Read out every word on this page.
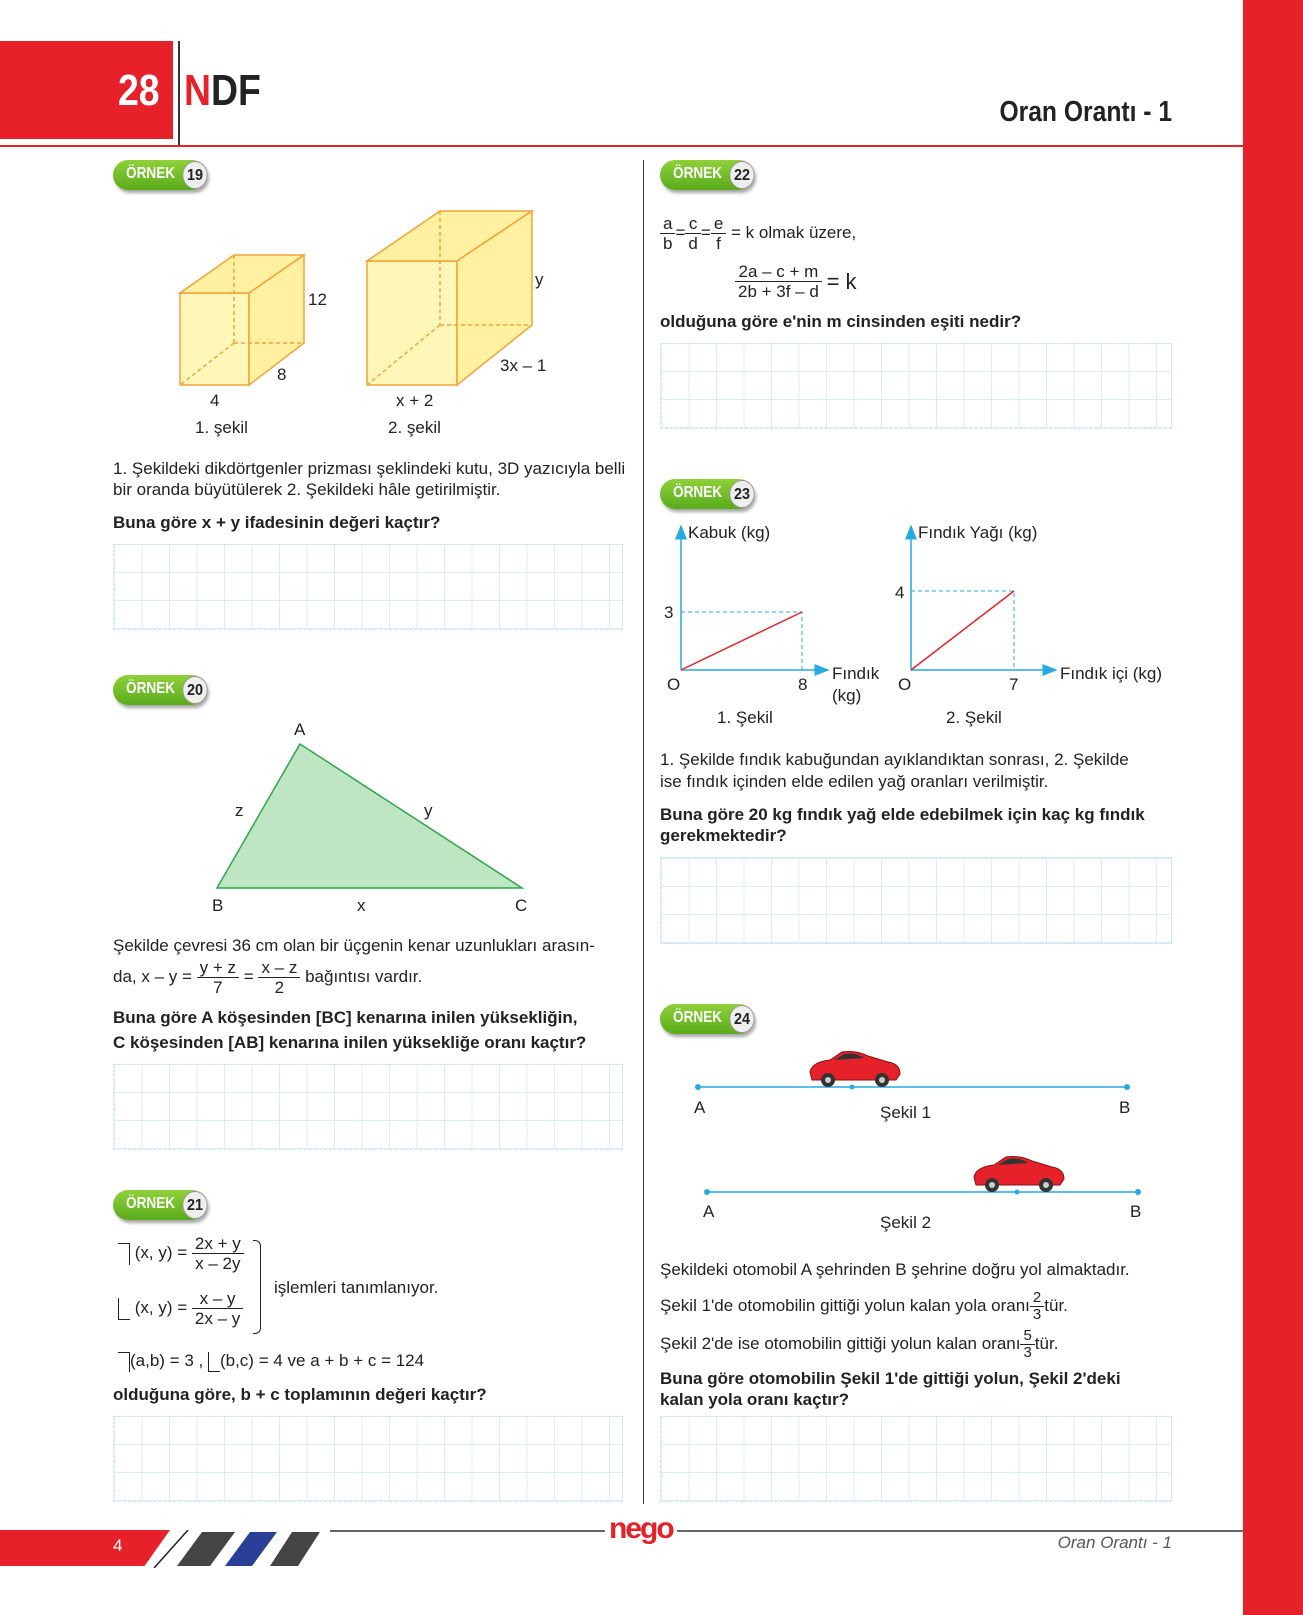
28 NDF	Oran Orantı - 1
ÖRNEK 19
12
8
4
1. şekil
y
3x – 1
x + 2
2. şekil
1. Şekildeki dikdörtgenler prizması şeklindeki kutu, 3D yazıcıyla belli bir oranda büyütülerek 2. Şekildeki hâle getirilmiştir.
Buna göre x + y ifadesinin değeri kaçtır?
ÖRNEK 20
A
B	C
z	y
x
Şekilde çevresi 36 cm olan bir üçgenin kenar uzunlukları arasın-
da, $x - y = \frac{y + z}{7} = \frac{x - z}{2}$ bağıntısı vardır.
Buna göre A köşesinden [BC] kenarına inilen yüksekliğin,
C köşesinden [AB] kenarına inilen yüksekliğe oranı kaçtır?
ÖRNEK 21
(x, $y) = \frac{2x + y}{x - 2y}$
(x, $y) = \frac{x - y}{2x - y}$
işlemleri tanımlanıyor.
(a,b) = 3 , (b,c) = 4 ve a + b + c = 124
olduğuna göre, b + c toplamının değeri kaçtır?
ÖRNEK 22
$\frac{a}{b} = \frac{c}{d} = \frac{e}{f} = k$ olmak üzere,
$\frac{2a - c + m}{2b + 3f - d} = k$
olduğuna göre e'nin m cinsinden eşiti nedir?
ÖRNEK 23
Kabuk (kg)
3
O	8
Fındık
(kg)
1. Şekil
Fındık Yağı (kg)
4
O	7
Fındık içi (kg)
2. Şekil
1. Şekilde fındık kabuğundan ayıklandıktan sonrası, 2. Şekilde
ise fındık içinden elde edilen yağ oranları verilmiştir.
Buna göre 20 kg fındık yağ elde edebilmek için kaç kg fındık
gerekmektedir?
ÖRNEK 24
A	B
Şekil 1
A	B
Şekil 2
Şekildeki otomobil A şehrinden B şehrine doğru yol almaktadır.
Şekil 1'de otomobilin gittiği yolun kalan yola oranı $\frac{2}{3}$ tür.
Şekil 2'de ise otomobilin gittiği yolun kalan oranı $\frac{5}{3}$ tür.
Buna göre otomobilin Şekil 1'de gittiği yolun, Şekil 2'deki
kalan yola oranı kaçtır?
4
nego	Oran Orantı - 1
